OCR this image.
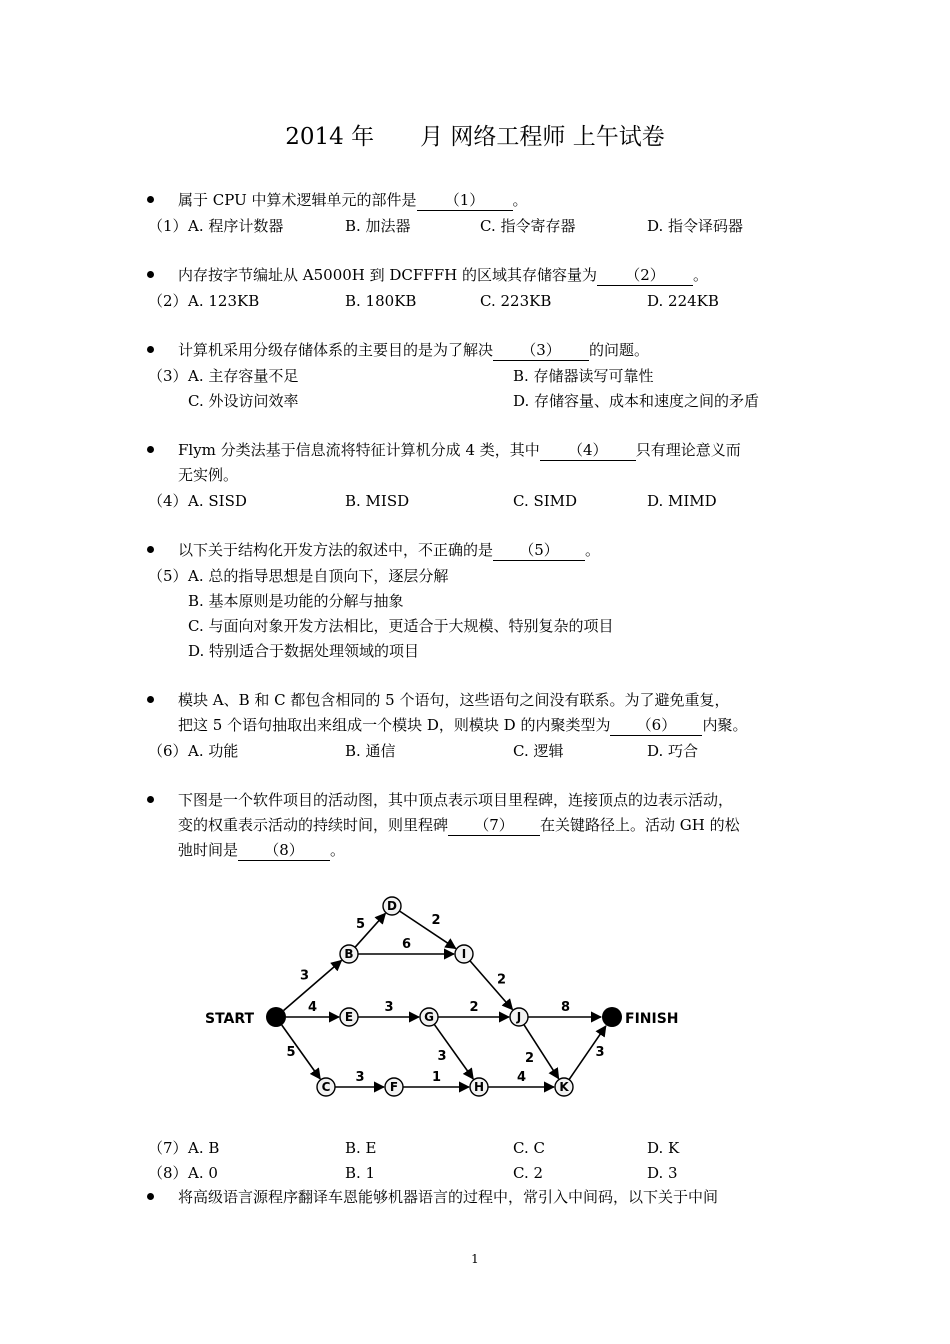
2014 年　　月 网络工程师 上午试卷
属于 CPU 中算术逻辑单元的部件是 （1） 。
（1） A. 程序计数器	B. 加法器	C. 指令寄存器	D. 指令译码器
内存按字节编址从 A5000H 到 DCFFFH 的区域其存储容量为 （2） 。
（2） A. 123KB	B. 180KB	C. 223KB	D. 224KB
计算机采用分级存储体系的主要目的是为了解决 （3） 的问题。
（3） A. 主存容量不足	B. 存储器读写可靠性
C. 外设访问效率	D. 存储容量、成本和速度之间的矛盾
Flym 分类法基于信息流将特征计算机分成 4 类，其中 （4） 只有理论意义而
无实例。
（4） A. SISD	B. MISD	C. SIMD	D. MIMD
以下关于结构化开发方法的叙述中，不正确的是 （5） 。
（5） A. 总的指导思想是自顶向下，逐层分解
B. 基本原则是功能的分解与抽象
C. 与面向对象开发方法相比，更适合于大规模、特别复杂的项目
D. 特别适合于数据处理领域的项目
模块 A、B 和 C 都包含相同的 5 个语句，这些语句之间没有联系。为了避免重复，
把这 5 个语句抽取出来组成一个模块 D，则模块 D 的内聚类型为 （6） 内聚。
（6） A. 功能	B. 通信	C. 逻辑	D. 巧合
下图是一个软件项目的活动图，其中顶点表示项目里程碑，连接顶点的边表示活动，
变的权重表示活动的持续时间，则里程碑 （7） 在关键路径上。活动 GH 的松
弛时间是 （8） 。
3
4
5
5
6
2
3	2
3
2
3	1	4
8
2	3
B
C
D
E
F
G
H
I
J
K
START	FINISH
（7） A. B	B. E	C. C	D. K
（8） A. 0	B. 1	C. 2	D. 3
将高级语言源程序翻译车恩能够机器语言的过程中，常引入中间码，以下关于中间
1
